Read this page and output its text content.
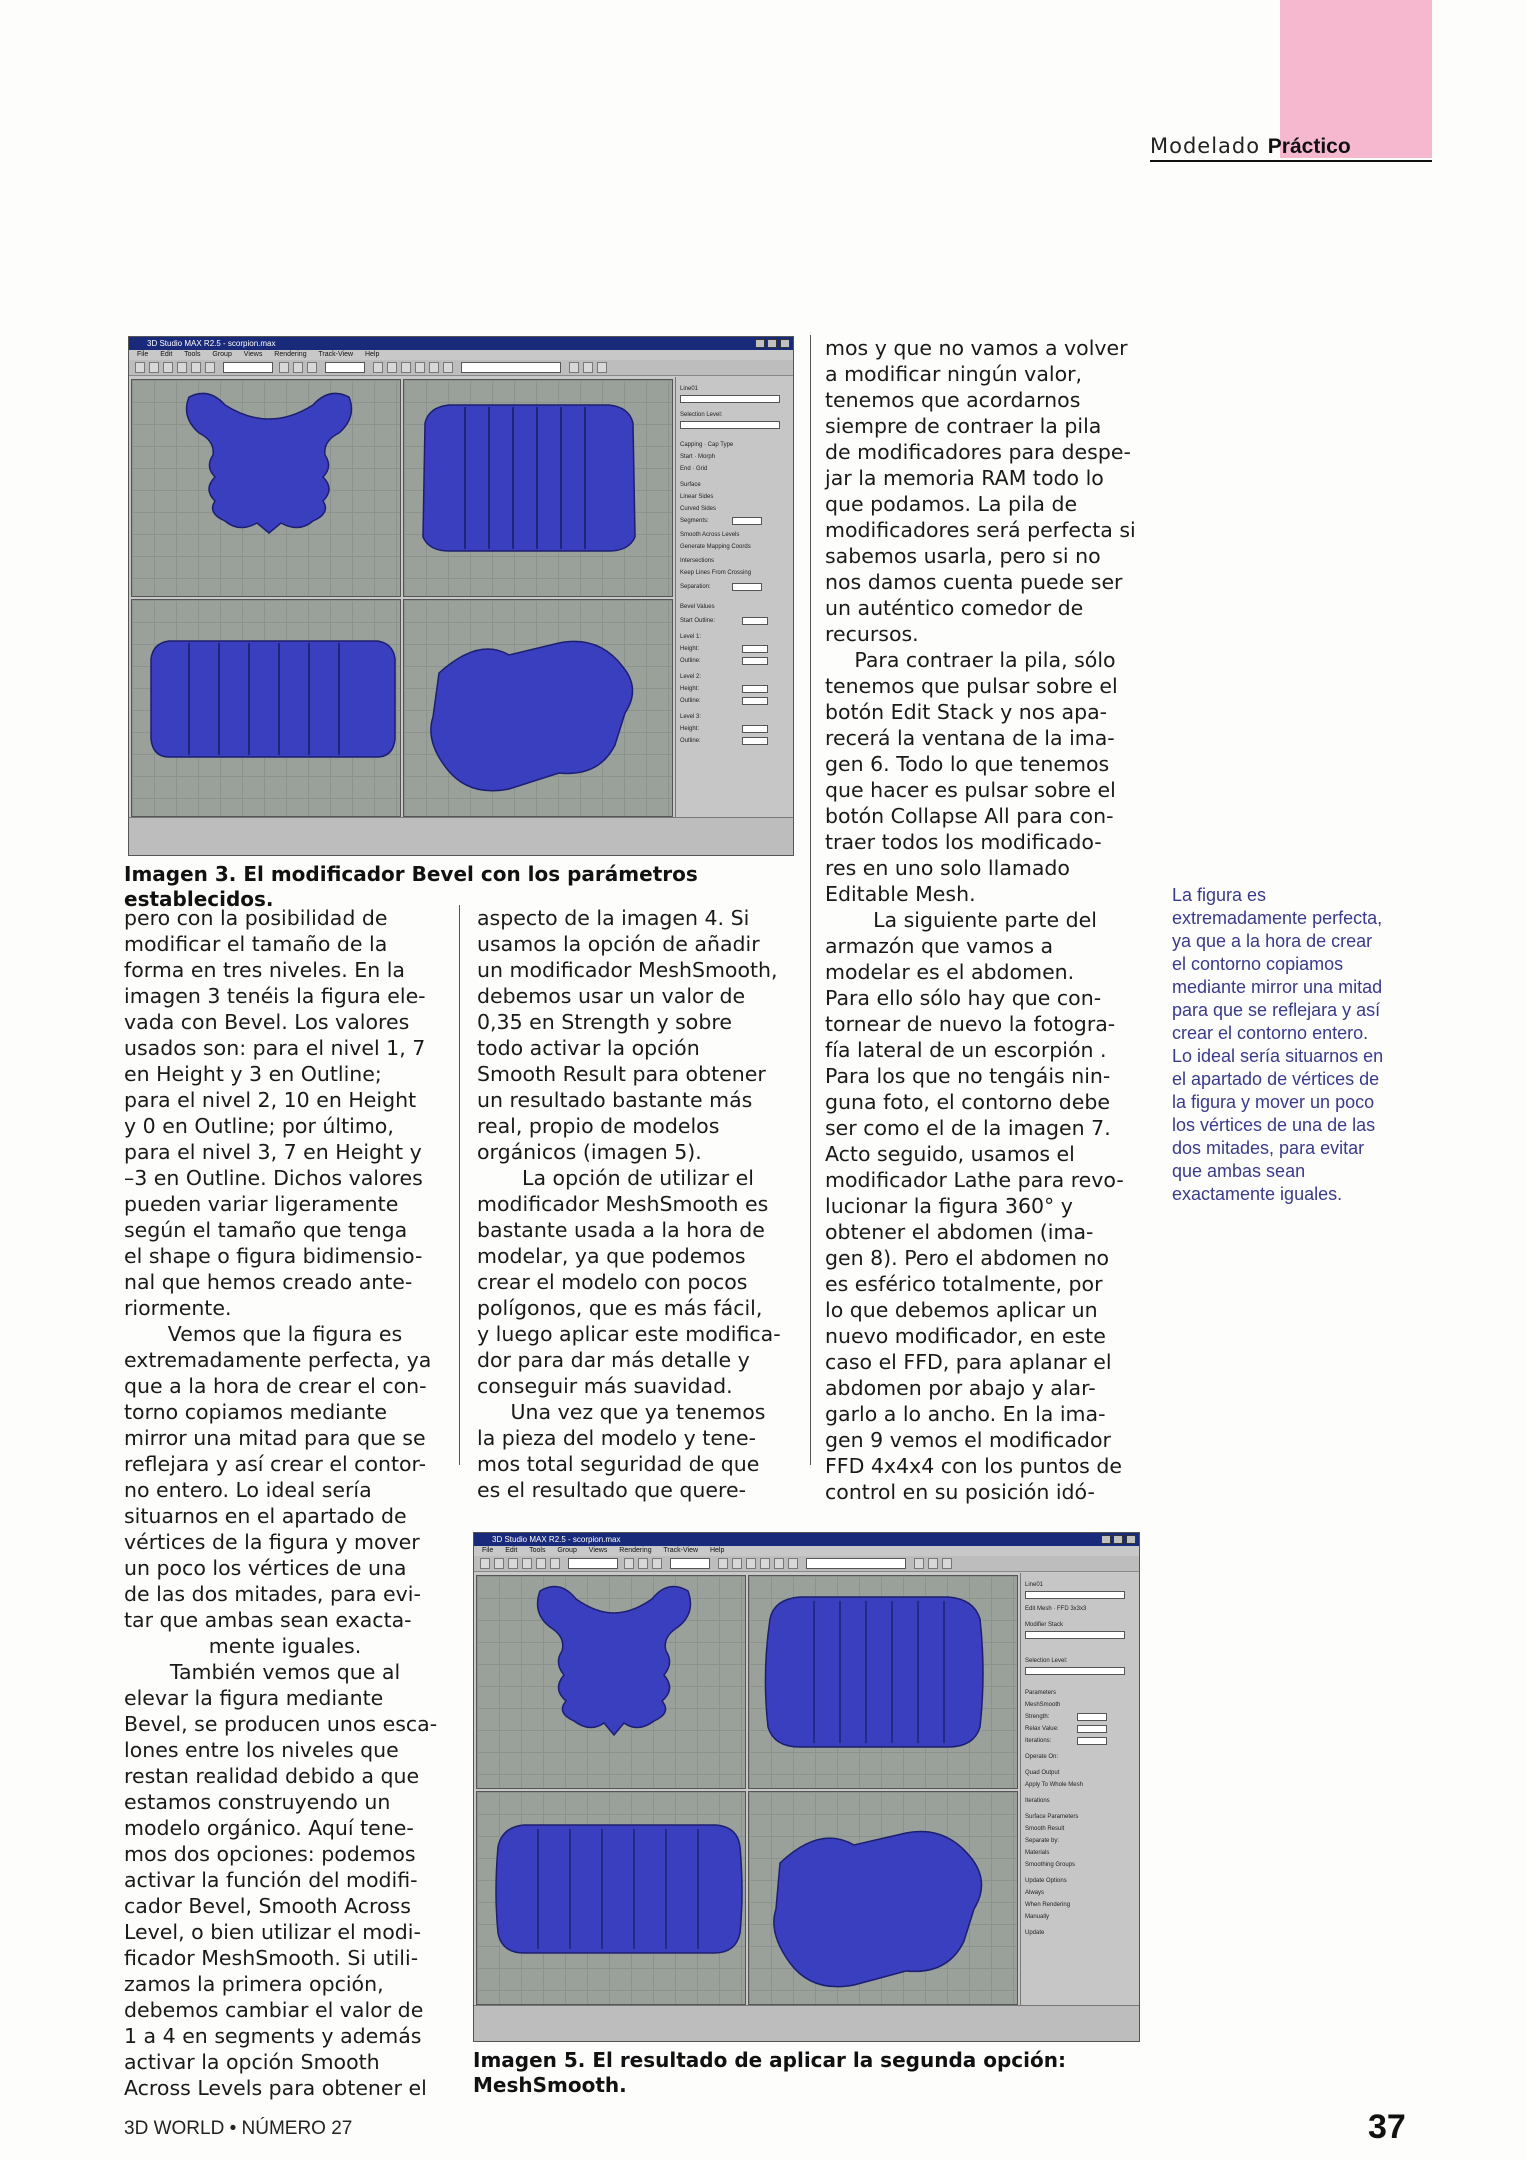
Modelado Práctico
3D Studio MAX R2.5 - scorpion.max
File Edit Tools Group Views Rendering Track-View Help
Line01
Selection Level:
Capping · Cap Type
Start · Morph
End · Grid
Surface
Linear Sides
Curved Sides
Segments:
Smooth Across Levels
Generate Mapping Coords
Intersections
Keep Lines From Crossing
Separation:
Bevel Values
Start Outline:
Level 1:
Height:
Outline:
Level 2:
Height:
Outline:
Level 3:
Height:
Outline:
Imagen 3. El modificador Bevel con los parámetros establecidos.

pero con la posibilidad de

modificar el tamaño de la

forma en tres niveles. En la

imagen 3 tenéis la figura ele-

vada con Bevel. Los valores

usados son: para el nivel 1, 7

en Height y 3 en Outline;

para el nivel 2, 10 en Height

y 0 en Outline; por último,

para el nivel 3, 7 en Height y

–3 en Outline. Dichos valores

pueden variar ligeramente

según el tamaño que tenga

el shape o figura bidimensio-

nal que hemos creado ante-

riormente.

Vemos que la figura es

extremadamente perfecta, ya

que a la hora de crear el con-

torno copiamos mediante

mirror una mitad para que se

reflejara y así crear el contor-

no entero. Lo ideal sería

situarnos en el apartado de

vértices de la figura y mover

un poco los vértices de una

de las dos mitades, para evi-

tar que ambas sean exacta-

mente iguales.

También vemos que al

elevar la figura mediante

Bevel, se producen unos esca-

lones entre los niveles que

restan realidad debido a que

estamos construyendo un

modelo orgánico. Aquí tene-

mos dos opciones: podemos

activar la función del modifi-

cador Bevel, Smooth Across

Level, o bien utilizar el modi-

ficador MeshSmooth. Si utili-

zamos la primera opción,

debemos cambiar el valor de

1 a 4 en segments y además

activar la opción Smooth

Across Levels para obtener el

aspecto de la imagen 4. Si

usamos la opción de añadir

un modificador MeshSmooth,

debemos usar un valor de

0,35 en Strength y sobre

todo activar la opción

Smooth Result para obtener

un resultado bastante más

real, propio de modelos

orgánicos (imagen 5).

La opción de utilizar el

modificador MeshSmooth es

bastante usada a la hora de

modelar, ya que podemos

crear el modelo con pocos

polígonos, que es más fácil,

y luego aplicar este modifica-

dor para dar más detalle y

conseguir más suavidad.

Una vez que ya tenemos

la pieza del modelo y tene-

mos total seguridad de que

es el resultado que quere-

mos y que no vamos a volver

a modificar ningún valor,

tenemos que acordarnos

siempre de contraer la pila

de modificadores para despe-

jar la memoria RAM todo lo

que podamos. La pila de

modificadores será perfecta si

sabemos usarla, pero si no

nos damos cuenta puede ser

un auténtico comedor de

recursos.

Para contraer la pila, sólo

tenemos que pulsar sobre el

botón Edit Stack y nos apa-

recerá la ventana de la ima-

gen 6. Todo lo que tenemos

que hacer es pulsar sobre el

botón Collapse All para con-

traer todos los modificado-

res en uno solo llamado

Editable Mesh.

La siguiente parte del

armazón que vamos a

modelar es el abdomen.

Para ello sólo hay que con-

tornear de nuevo la fotogra-

fía lateral de un escorpión .

Para los que no tengáis nin-

guna foto, el contorno debe

ser como el de la imagen 7.

Acto seguido, usamos el

modificador Lathe para revo-

lucionar la figura 360° y

obtener el abdomen (ima-

gen 8). Pero el abdomen no

es esférico totalmente, por

lo que debemos aplicar un

nuevo modificador, en este

caso el FFD, para aplanar el

abdomen por abajo y alar-

garlo a lo ancho. En la ima-

gen 9 vemos el modificador

FFD 4x4x4 con los puntos de

control en su posición idó-

La figura es
extremadamente perfecta,
ya que a la hora de crear
el contorno copiamos
mediante mirror una mitad
para que se reflejara y así
crear el contorno entero.
Lo ideal sería situarnos en
el apartado de vértices de
la figura y mover un poco
los vértices de una de las
dos mitades, para evitar
que ambas sean
exactamente iguales.
3D Studio MAX R2.5 - scorpion.max
File Edit Tools Group Views Rendering Track-View Help
Line01
Edit Mesh · FFD 3x3x3
Modifier Stack
Selection Level:
Parameters
MeshSmooth
Strength:
Relax Value:
Iterations:
Operate On:
Quad Output
Apply To Whole Mesh
Iterations
Surface Parameters
Smooth Result
Separate by:
Materials
Smoothing Groups
Update Options
Always
When Rendering
Manually
Update
Imagen 5. El resultado de aplicar la segunda opción:
MeshSmooth.
3D WORLD • NÚMERO 27	37
